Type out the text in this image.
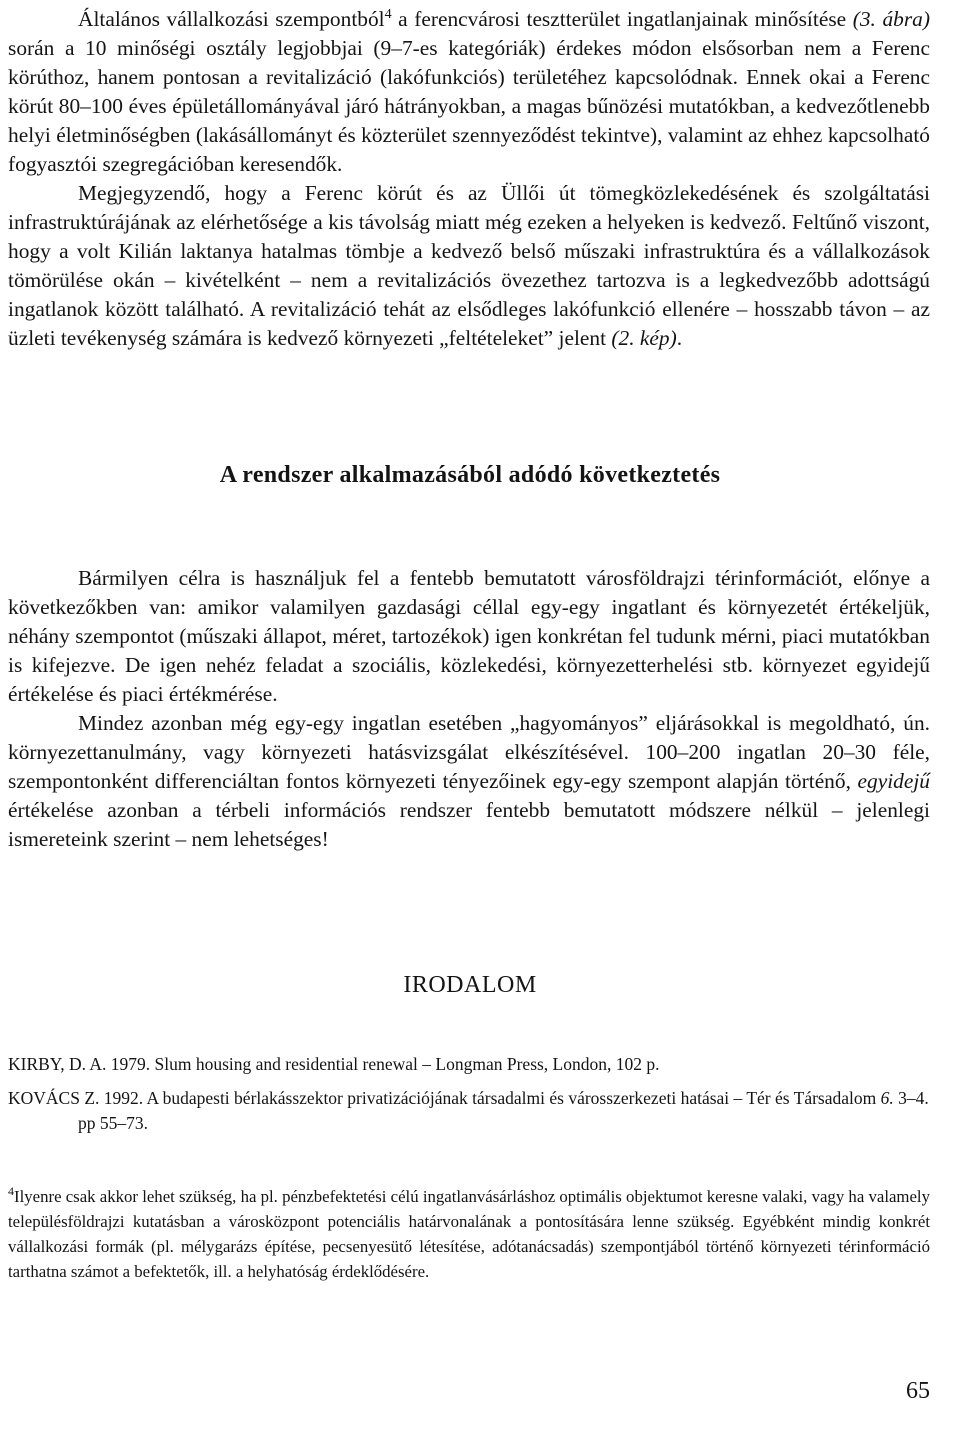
Általános vállalkozási szempontból$^4$ a ferencvárosi tesztterület ingatlanjainak minősítése (3. ábra) során a 10 minőségi osztály legjobbjai (9–7-es kategóriák) érdekes módon elsősorban nem a Ferenc körúthoz, hanem pontosan a revitalizáció (lakófunkciós) területéhez kapcsolódnak. Ennek okai a Ferenc körút 80–100 éves épületállományával járó hátrányokban, a magas bűnözési mutatókban, a kedvezőtlenebb helyi életminőségben (lakásállományt és közterület szennyeződést tekintve), valamint az ehhez kapcsolható fogyasztói szegregációban keresendők.

Megjegyzendő, hogy a Ferenc körút és az Üllői út tömegközlekedésének és szolgáltatási infrastruktúrájának az elérhetősége a kis távolság miatt még ezeken a helyeken is kedvező. Feltűnő viszont, hogy a volt Kilián laktanya hatalmas tömbje a kedvező belső műszaki infrastruktúra és a vállalkozások tömörülése okán – kivételként – nem a revitalizációs övezethez tartozva is a legkedvezőbb adottságú ingatlanok között található. A revitalizáció tehát az elsődleges lakófunkció ellenére – hosszabb távon – az üzleti tevékenység számára is kedvező környezeti „feltételeket” jelent (2. kép).

A rendszer alkalmazásából adódó következtetés

Bármilyen célra is használjuk fel a fentebb bemutatott városföldrajzi térinformációt, előnye a következőkben van: amikor valamilyen gazdasági céllal egy-egy ingatlant és környezetét értékeljük, néhány szempontot (műszaki állapot, méret, tartozékok) igen konkrétan fel tudunk mérni, piaci mutatókban is kifejezve. De igen nehéz feladat a szociális, közlekedési, környezetterhelési stb. környezet egyidejű értékelése és piaci értékmérése.

Mindez azonban még egy-egy ingatlan esetében „hagyományos” eljárásokkal is megoldható, ún. környezettanulmány, vagy környezeti hatásvizsgálat elkészítésével. 100–200 ingatlan 20–30 féle, szempontonként differenciáltan fontos környezeti tényezőinek egy-egy szempont alapján történő, egyidejű értékelése azonban a térbeli információs rendszer fentebb bemutatott módszere nélkül – jelenlegi ismereteink szerint – nem lehetséges!

IRODALOM

KIRBY, D. A. 1979. Slum housing and residential renewal – Longman Press, London, 102 p.

KOVÁCS Z. 1992. A budapesti bérlakásszektor privatizációjának társadalmi és városszerkezeti hatásai – Tér és Társadalom 6. 3–4. pp 55–73.

$^4$Ilyenre csak akkor lehet szükség, ha pl. pénzbefektetési célú ingatlanvásárláshoz optimális objektumot keresne valaki, vagy ha valamely településföldrajzi kutatásban a városközpont potenciális határvonalának a pontosítására lenne szükség. Egyébként mindig konkrét vállalkozási formák (pl. mélygarázs építése, pecsenyesütő létesítése, adótanácsadás) szempontjából történő környezeti térinformáció tarthatna számot a befektetők, ill. a helyhatóság érdeklődésére.
65
